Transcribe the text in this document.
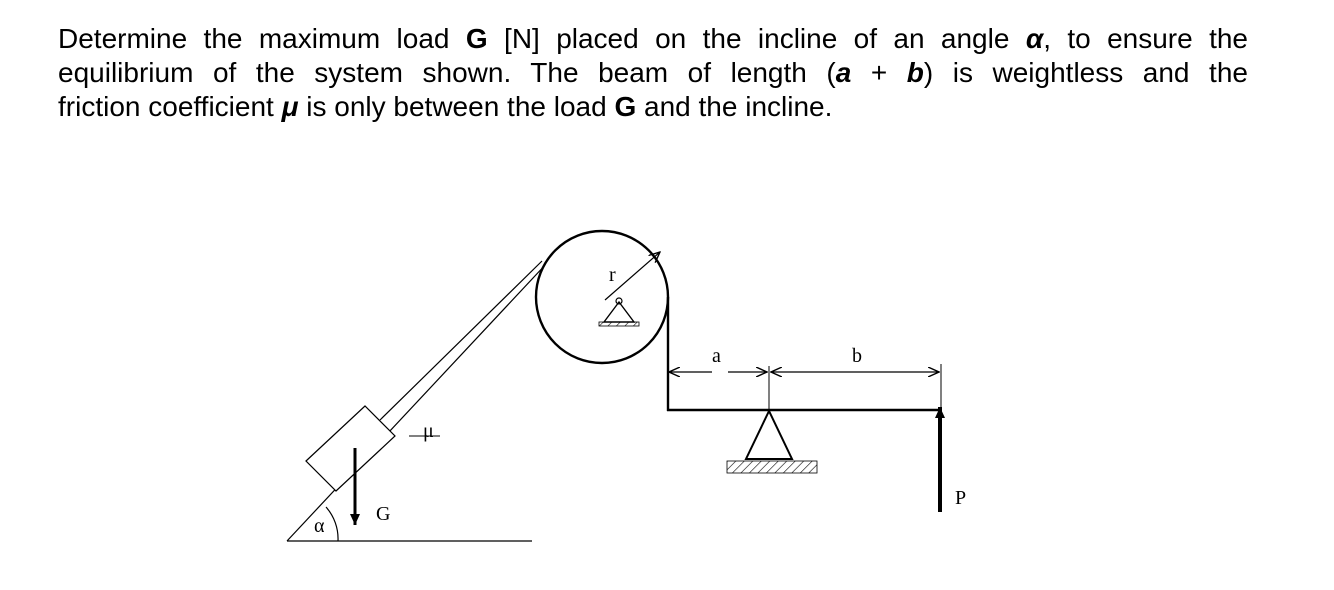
Determine the maximum load G [N] placed on the incline of an angle α, to ensure the
equilibrium of the system shown. The beam of length (a + b) is weightless and the
friction coefficient μ is only between the load G and the incline.
r
a	b
μ
G
α
P
